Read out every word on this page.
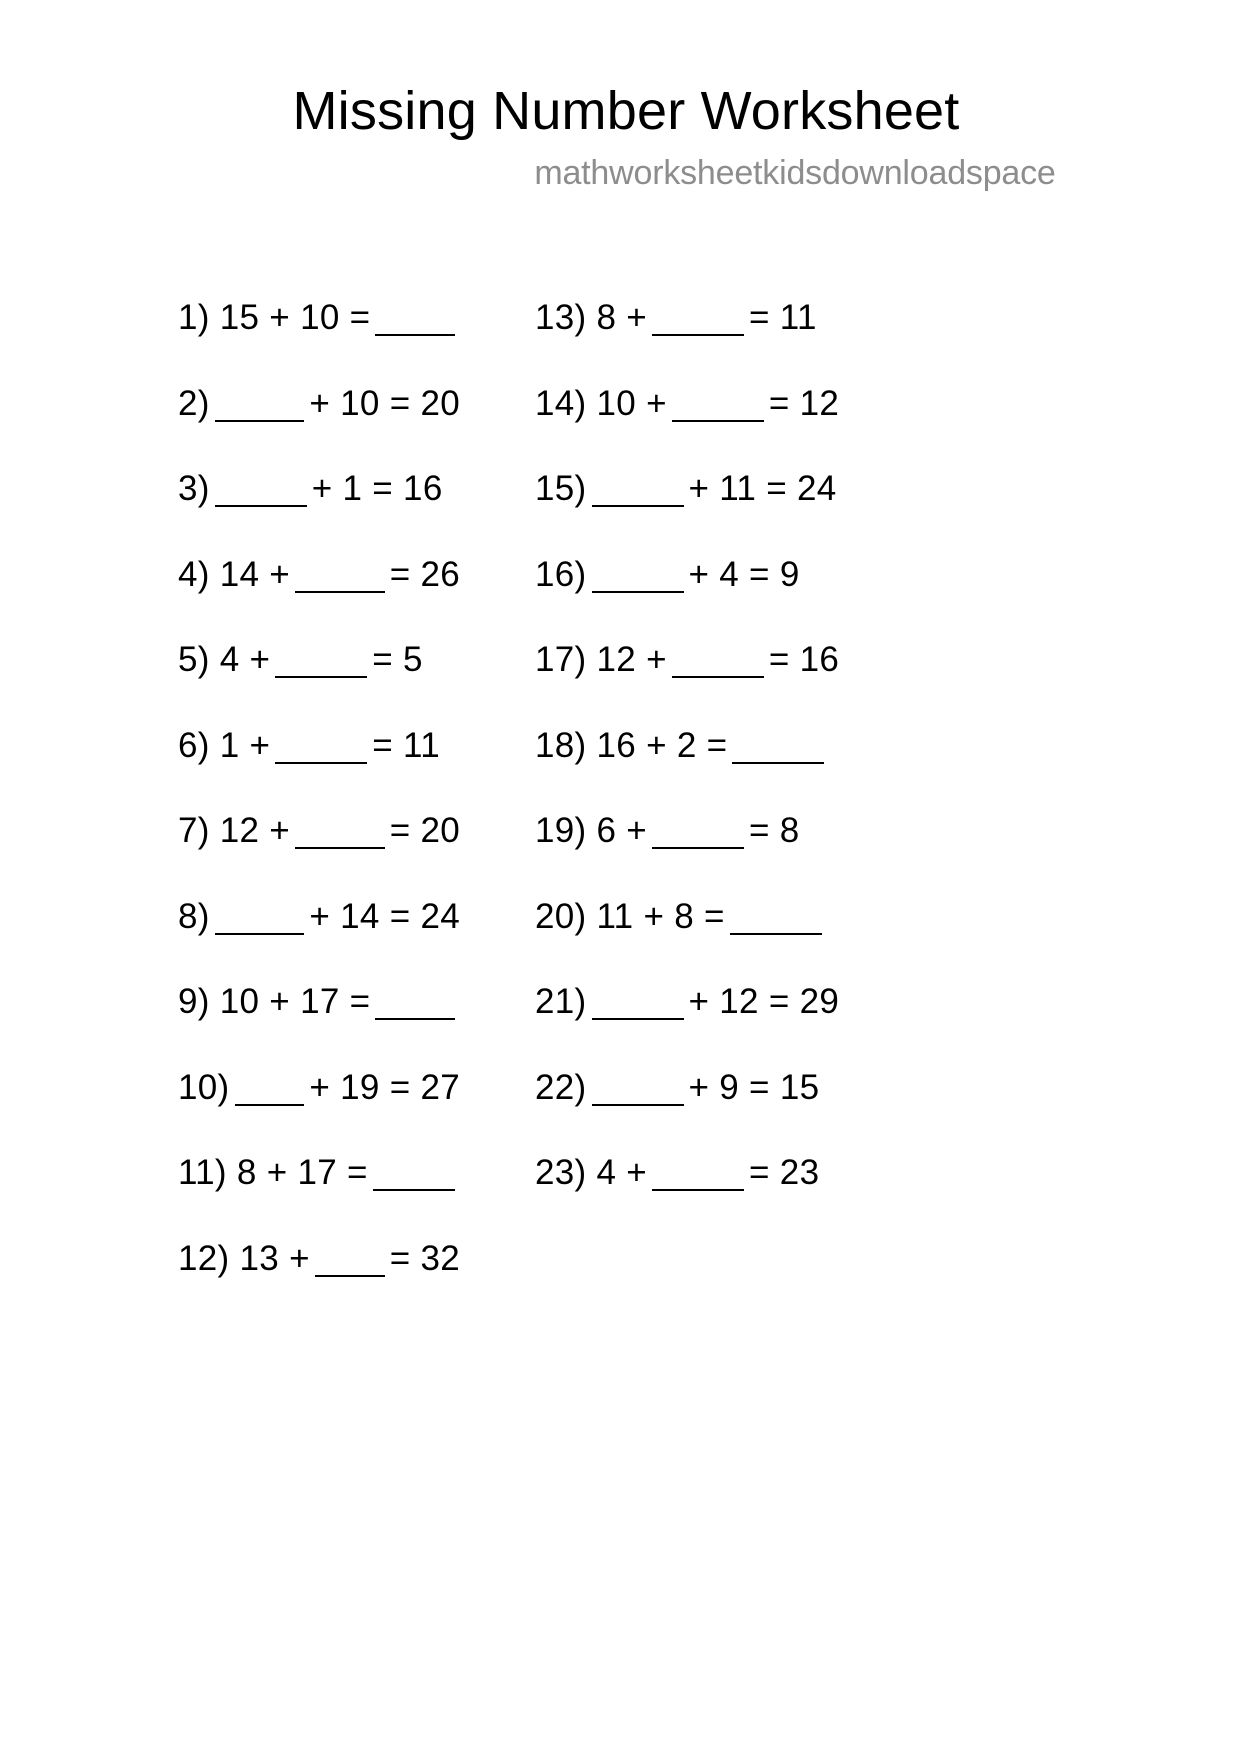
Missing Number Worksheet
mathworksheetkidsdownloadspace
1) 15 + 10 =
2)	+ 10 = 20
3)	+ 1 = 16
4) 14 +	= 26
5) 4 +	= 5
6) 1 +	= 11
7) 12 +	= 20
8)	+ 14 = 24
9) 10 + 17 =
10) + 19 = 27
11) 8 + 17 =
12) 13 + = 32
13) 8 +	= 11
14) 10 +	= 12
15)	+ 11 = 24
16)	+ 4 = 9
17) 12 +	= 16
18) 16 + 2 =
19) 6 +	= 8
20) 11 + 8 =
21)	+ 12 = 29
22)	+ 9 = 15
23) 4 +	= 23
